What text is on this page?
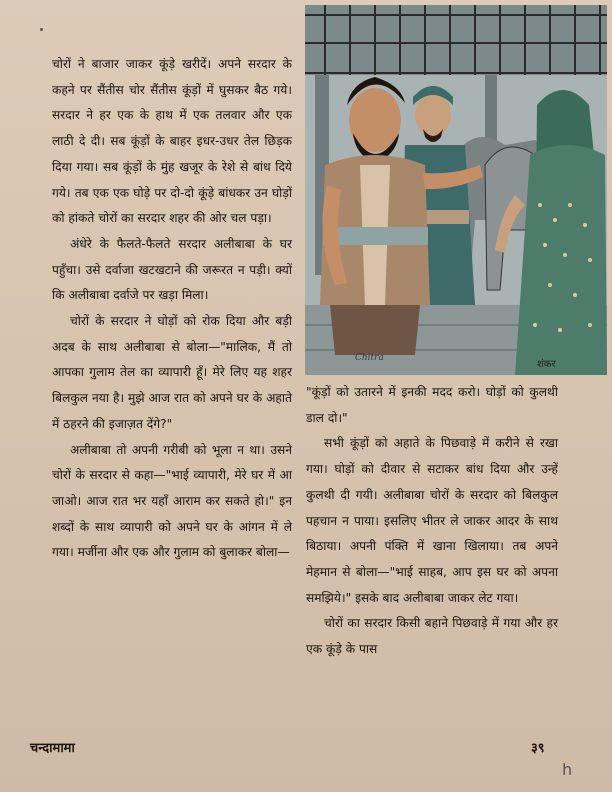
चोरों ने बाजार जाकर कूंड़े खरीदें। अपने सरदार के कहने पर सैंतीस चोर सैंतीस कूंड़ों में घुसकर बैठ गये। सरदार ने हर एक के हाथ में एक तलवार और एक लाठी दे दी। सब कूंड़ों के बाहर इधर-उधर तेल छिड़क दिया गया। सब कूंड़ों के मुंह खजूर के रेशे से बांध दिये गये। तब एक एक घोड़े पर दो-दो कूंड़े बांधकर उन घोड़ों को हांकते चोरों का सरदार शहर की ओर चल पड़ा।

अंधेरे के फैलते-फैलते सरदार अलीबाबा के घर पहुँचा। उसे दर्वाजा खटखटाने की जरूरत न पड़ी। क्यों कि अलीबाबा दर्वाजे पर खड़ा मिला।

चोरों के सरदार ने घोड़ों को रोक दिया और बड़ी अदब के साथ अलीबाबा से बोला—"मालिक, मैं तो आपका गुलाम तेल का व्यापारी हूँ। मेरे लिए यह शहर बिलकुल नया है। मुझे आज रात को अपने घर के अहाते में ठहरने की इजाज़त देंगे?"

अलीबाबा तो अपनी गरीबी को भूला न था। उसने चोरों के सरदार से कहा—"भाई व्यापारी, मेरे घर में आ जाओ। आज रात भर यहाँ आराम कर सकते हो।" इन शब्दों के साथ व्यापारी को अपने घर के आंगन में ले गया। मर्जीना और एक और गुलाम को बुलाकर बोला—

Chitra
शंकर

"कूंड़ों को उतारने में इनकी मदद करो। घोड़ों को कुलथी डाल दो।"

सभी कूंड़ों को अहाते के पिछवाड़े में करीने से रखा गया। घोड़ों को दीवार से सटाकर बांध दिया और उन्हें कुलथी दी गयी। अलीबाबा चोरों के सरदार को बिलकुल पहचान न पाया। इसलिए भीतर ले जाकर आदर के साथ बिठाया। अपनी पंक्ति में खाना खिलाया। तब अपने मेहमान से बोला—"भाई साहब, आप इस घर को अपना समझिये।" इसके बाद अलीबाबा जाकर लेट गया।

चोरों का सरदार किसी बहाने पिछवाड़े में गया और हर एक कूंड़े के पास

चन्दामामा	३९
h
